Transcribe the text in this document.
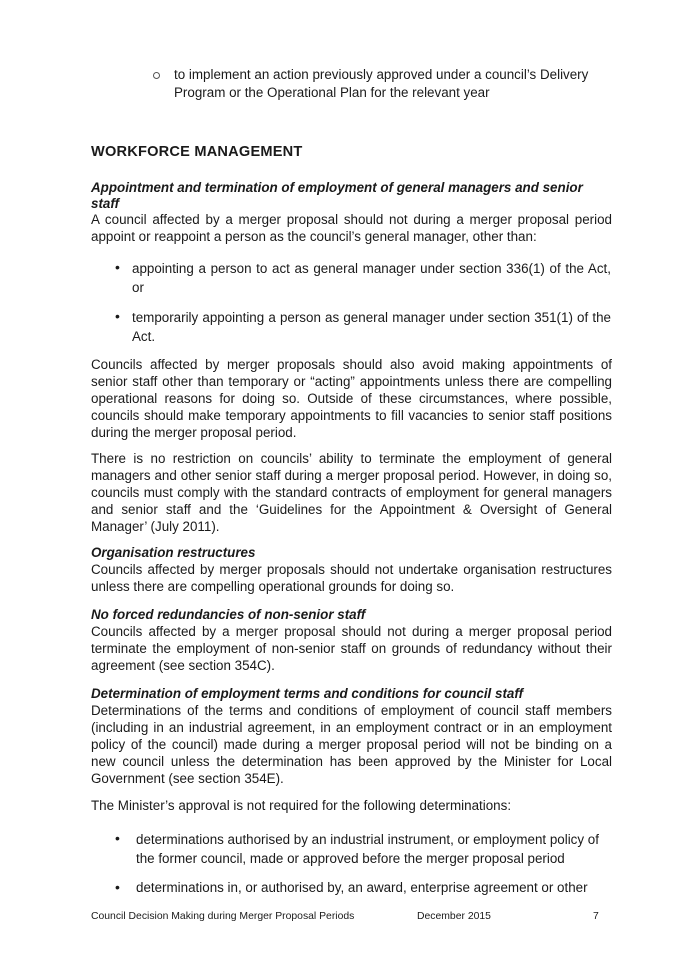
to implement an action previously approved under a council’s Delivery Program or the Operational Plan for the relevant year

WORKFORCE MANAGEMENT

Appointment and termination of employment of general managers and senior staff

A council affected by a merger proposal should not during a merger proposal period appoint or reappoint a person as the council’s general manager, other than:

• appointing a person to act as general manager under section 336(1) of the Act, or

• temporarily appointing a person as general manager under section 351(1) of the Act.

Councils affected by merger proposals should also avoid making appointments of senior staff other than temporary or “acting” appointments unless there are compelling operational reasons for doing so. Outside of these circumstances, where possible, councils should make temporary appointments to fill vacancies to senior staff positions during the merger proposal period.

There is no restriction on councils’ ability to terminate the employment of general managers and other senior staff during a merger proposal period. However, in doing so, councils must comply with the standard contracts of employment for general managers and senior staff and the ‘Guidelines for the Appointment & Oversight of General Manager’ (July 2011).

Organisation restructures

Councils affected by merger proposals should not undertake organisation restructures unless there are compelling operational grounds for doing so.

No forced redundancies of non-senior staff

Councils affected by a merger proposal should not during a merger proposal period terminate the employment of non-senior staff on grounds of redundancy without their agreement (see section 354C).

Determination of employment terms and conditions for council staff

Determinations of the terms and conditions of employment of council staff members (including in an industrial agreement, in an employment contract or in an employment policy of the council) made during a merger proposal period will not be binding on a new council unless the determination has been approved by the Minister for Local Government (see section 354E).

The Minister’s approval is not required for the following determinations:

• determinations authorised by an industrial instrument, or employment policy of the former council, made or approved before the merger proposal period

• determinations in, or authorised by, an award, enterprise agreement or other

Council Decision Making during Merger Proposal Periods	December 2015	7
